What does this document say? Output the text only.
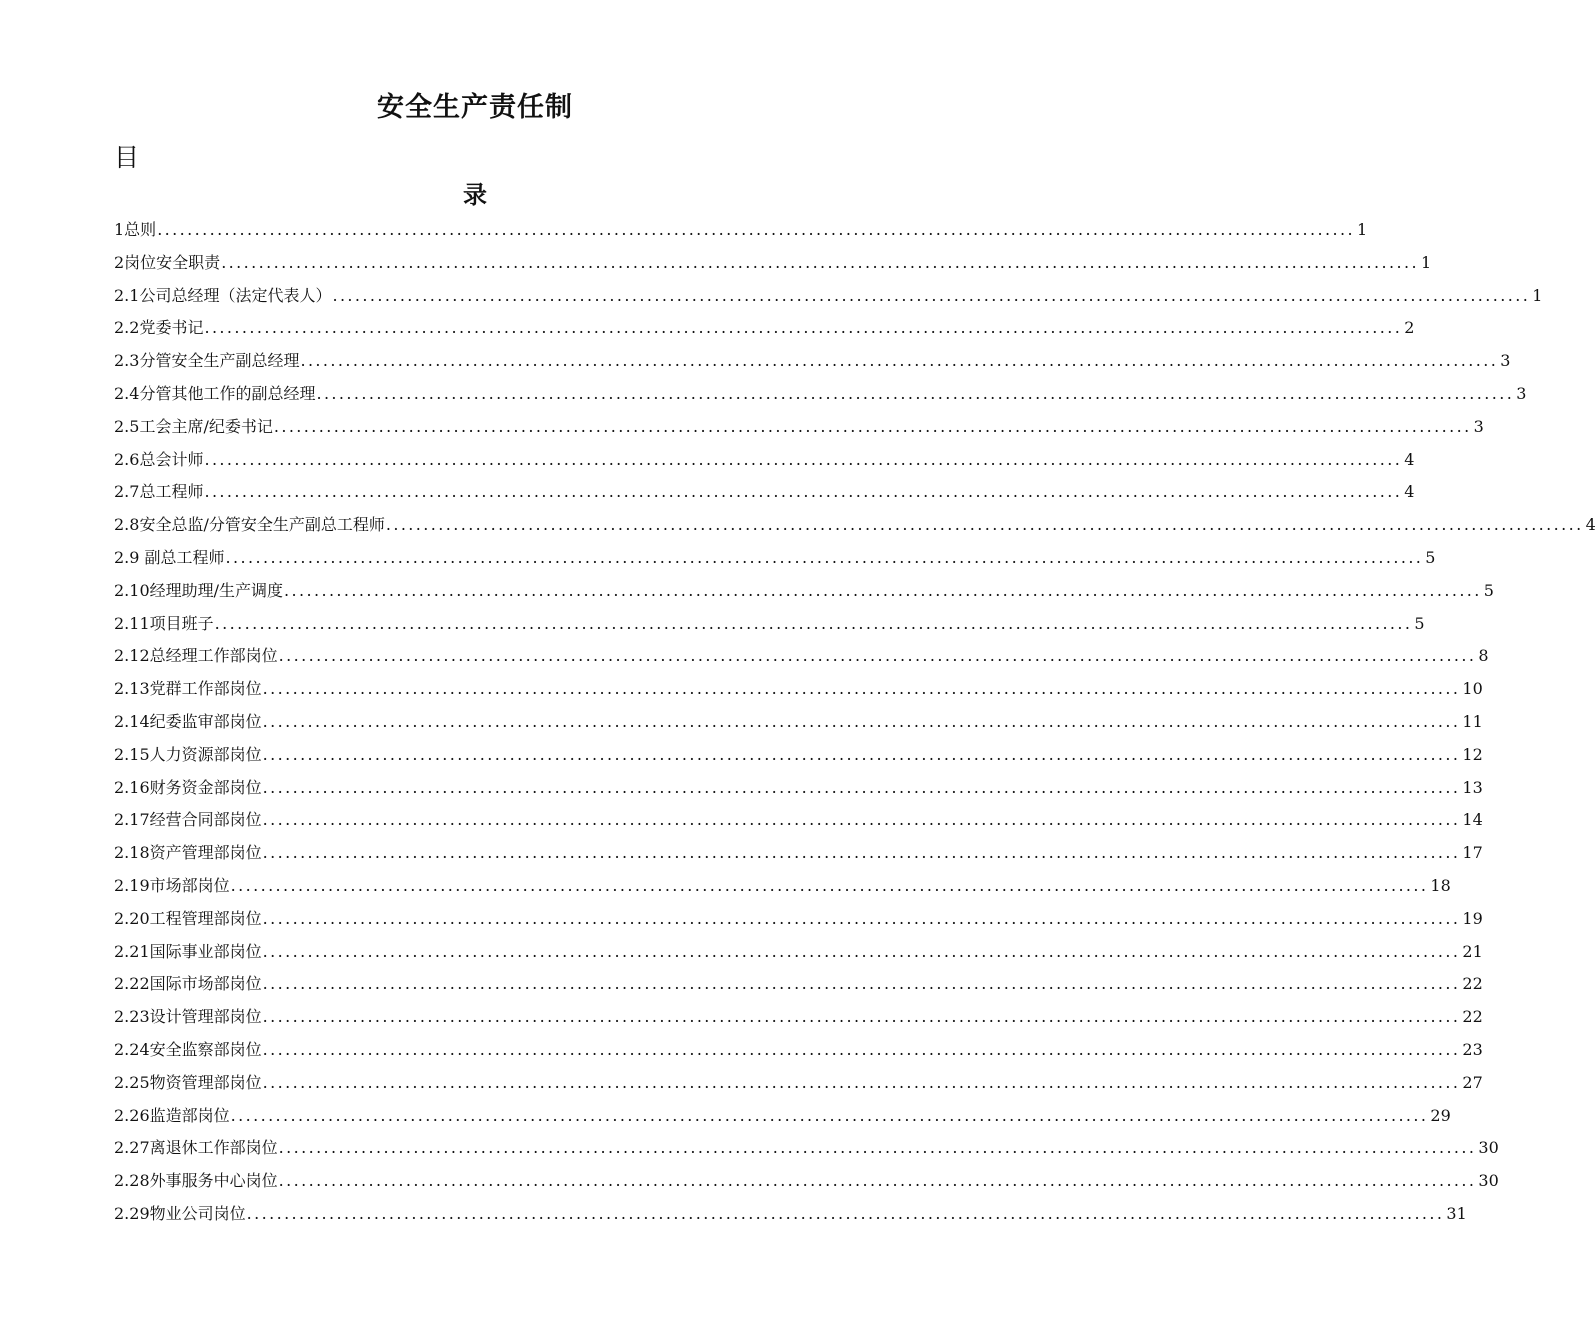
安全生产责任制
目
录
1总则 ................................................................................................................................................................ 1
2岗位安全职责 ................................................................................................................................................................ 1
2.1公司总经理（法定代表人） ................................................................................................................................................................ 1
2.2党委书记 ................................................................................................................................................................ 2
2.3分管安全生产副总经理 ................................................................................................................................................................ 3
2.4分管其他工作的副总经理 ................................................................................................................................................................ 3
2.5工会主席/纪委书记 ................................................................................................................................................................ 3
2.6总会计师 ................................................................................................................................................................ 4
2.7总工程师 ................................................................................................................................................................ 4
2.8安全总监/分管安全生产副总工程师 ................................................................................................................................................................ 4
2.9 副总工程师 ................................................................................................................................................................ 5
2.10经理助理/生产调度 ................................................................................................................................................................ 5
2.11项目班子 ................................................................................................................................................................ 5
2.12总经理工作部岗位 ................................................................................................................................................................ 8
2.13党群工作部岗位 ................................................................................................................................................................ 10
2.14纪委监审部岗位 ................................................................................................................................................................ 11
2.15人力资源部岗位 ................................................................................................................................................................ 12
2.16财务资金部岗位 ................................................................................................................................................................ 13
2.17经营合同部岗位 ................................................................................................................................................................ 14
2.18资产管理部岗位 ................................................................................................................................................................ 17
2.19市场部岗位 ................................................................................................................................................................ 18
2.20工程管理部岗位 ................................................................................................................................................................ 19
2.21国际事业部岗位 ................................................................................................................................................................ 21
2.22国际市场部岗位 ................................................................................................................................................................ 22
2.23设计管理部岗位 ................................................................................................................................................................ 22
2.24安全监察部岗位 ................................................................................................................................................................ 23
2.25物资管理部岗位 ................................................................................................................................................................ 27
2.26监造部岗位 ................................................................................................................................................................ 29
2.27离退休工作部岗位 ................................................................................................................................................................ 30
2.28外事服务中心岗位 ................................................................................................................................................................ 30
2.29物业公司岗位 ................................................................................................................................................................ 31
